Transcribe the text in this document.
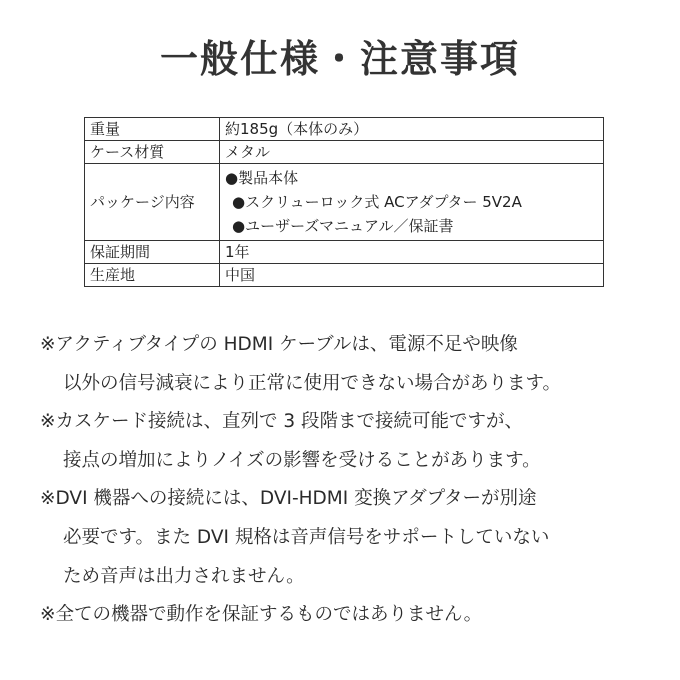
一般仕様・注意事項
重量	約185g（本体のみ）
ケース材質	メタル
パッケージ内容	●製品本体
●スクリューロック式 ACアダプター 5V2A
●ユーザーズマニュアル／保証書

保証期間	1年
生産地	中国
※アクティブタイプの HDMI ケーブルは、電源不足や映像
以外の信号減衰により正常に使用できない場合があります。
※カスケード接続は、直列で 3 段階まで接続可能ですが、
接点の増加によりノイズの影響を受けることがあります。
※DVI 機器への接続には、DVI-HDMI 変換アダプターが別途
必要です。また DVI 規格は音声信号をサポートしていない
ため音声は出力されません。
※全ての機器で動作を保証するものではありません。
